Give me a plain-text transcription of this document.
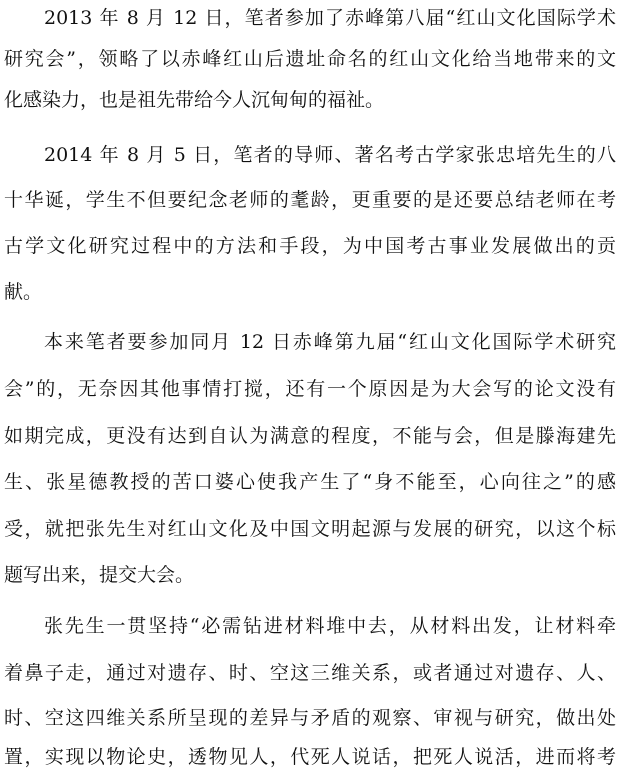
2013 年 8 月 12 日，笔者参加了赤峰第八届“红山文化国际学术
研究会”，领略了以赤峰红山后遗址命名的红山文化给当地带来的文
化感染力，也是祖先带给今人沉甸甸的福祉。
2014 年 8 月 5 日，笔者的导师、著名考古学家张忠培先生的八
十华诞，学生不但要纪念老师的耄龄，更重要的是还要总结老师在考
古学文化研究过程中的方法和手段，为中国考古事业发展做出的贡
献。
本来笔者要参加同月 12 日赤峰第九届“红山文化国际学术研究
会”的，无奈因其他事情打搅，还有一个原因是为大会写的论文没有
如期完成，更没有达到自认为满意的程度，不能与会，但是滕海建先
生、张星德教授的苦口婆心使我产生了“身不能至，心向往之”的感
受，就把张先生对红山文化及中国文明起源与发展的研究，以这个标
题写出来，提交大会。
张先生一贯坚持“必需钻进材料堆中去，从材料出发，让材料牵
着鼻子走，通过对遗存、时、空这三维关系，或者通过对遗存、人、
时、空这四维关系所呈现的差异与矛盾的观察、审视与研究，做出处
置，实现以物论史，透物见人，代死人说话，把死人说活，进而将考
